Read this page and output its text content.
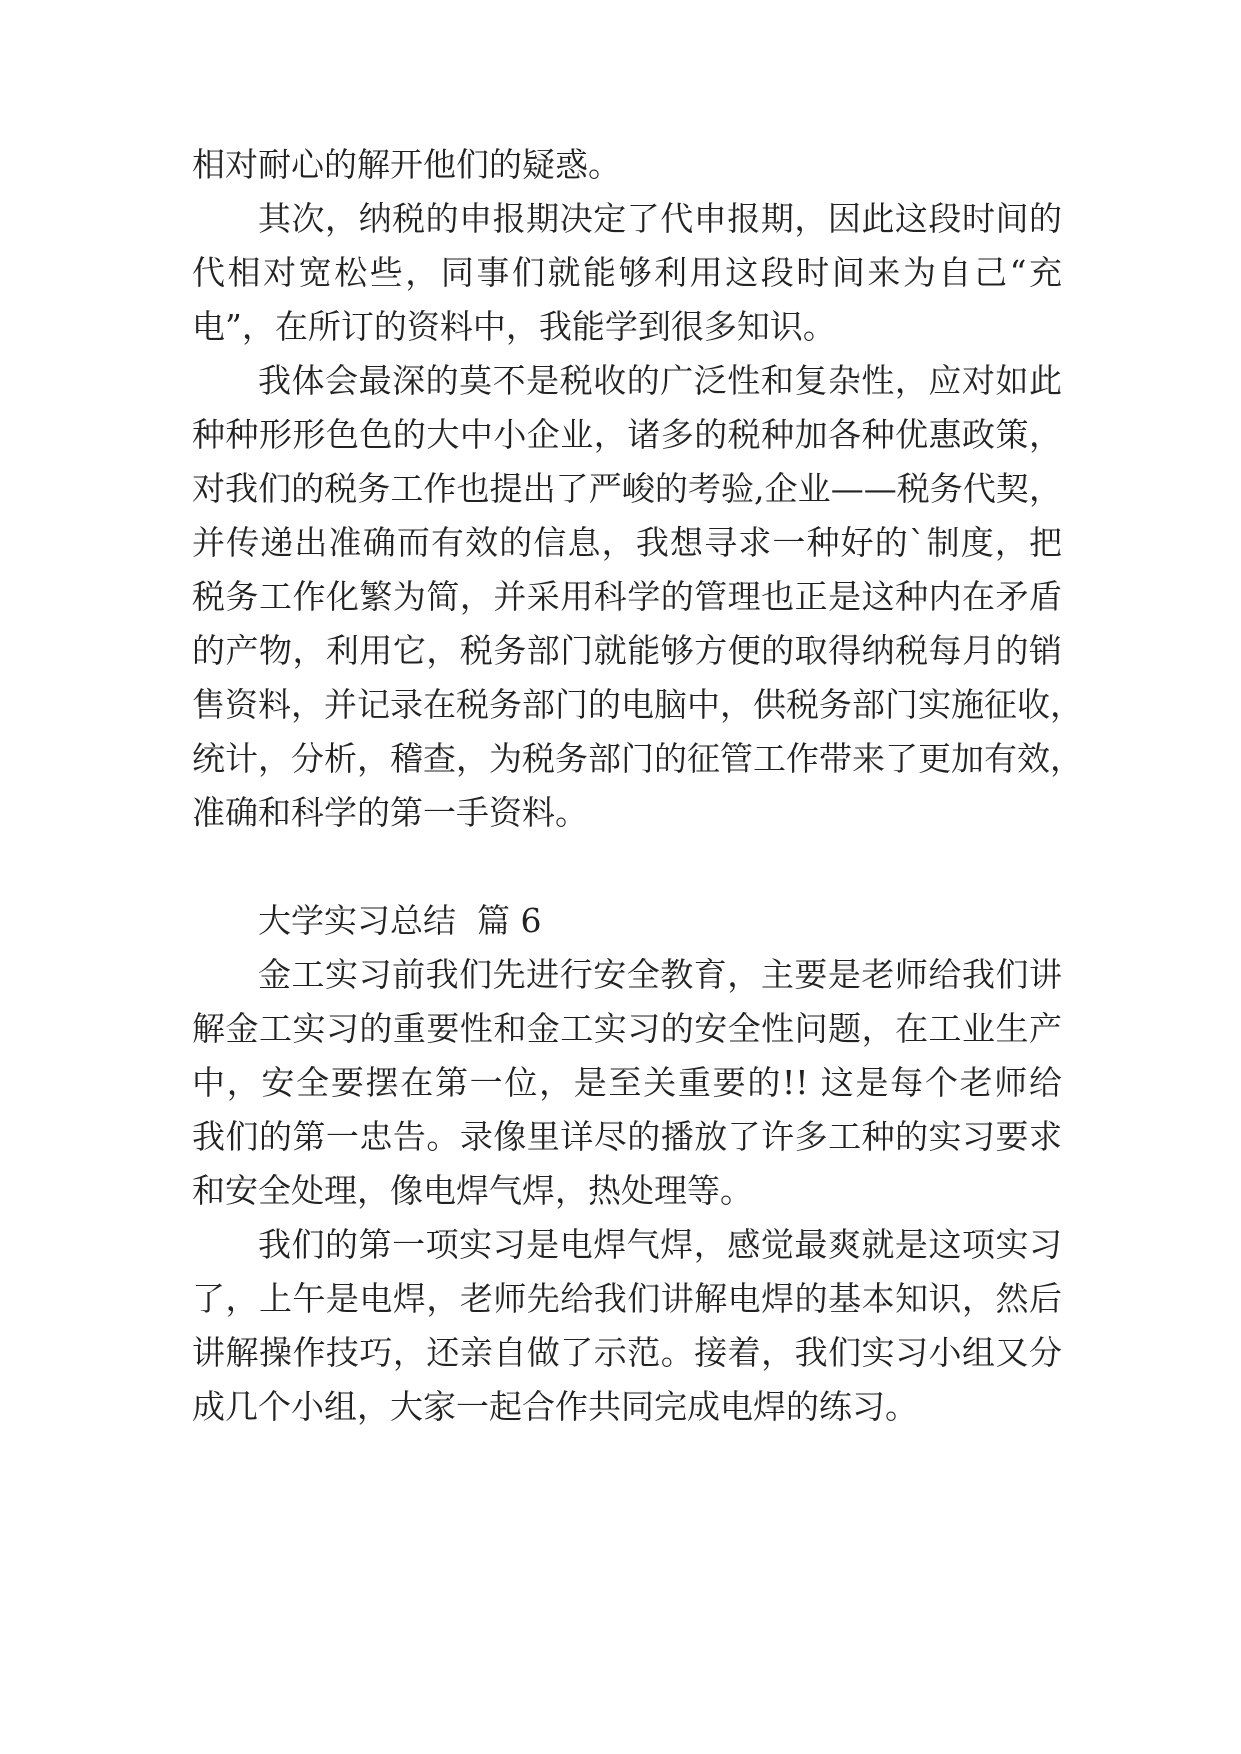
相对耐心的解开他们的疑惑。
其次，纳税的申报期决定了代申报期，因此这段时间的
代相对宽松些，同事们就能够利用这段时间来为自己“充
电”，在所订的资料中，我能学到很多知识。
我体会最深的莫不是税收的广泛性和复杂性，应对如此
种种形形色色的大中小企业，诸多的税种加各种优惠政策，
对我们的税务工作也提出了严峻的考验,企业——税务代契，
并传递出准确而有效的信息，我想寻求一种好的`制度，把
税务工作化繁为简，并采用科学的管理也正是这种内在矛盾
的产物，利用它，税务部门就能够方便的取得纳税每月的销
售资料，并记录在税务部门的电脑中，供税务部门实施征收，
统计，分析，稽查，为税务部门的征管工作带来了更加有效，
准确和科学的第一手资料。
大学实习总结  篇 6
金工实习前我们先进行安全教育，主要是老师给我们讲
解金工实习的重要性和金工实习的安全性问题，在工业生产
中，安全要摆在第一位，是至关重要的!! 这是每个老师给
我们的第一忠告。录像里详尽的播放了许多工种的实习要求
和安全处理，像电焊气焊，热处理等。
我们的第一项实习是电焊气焊，感觉最爽就是这项实习
了，上午是电焊，老师先给我们讲解电焊的基本知识，然后
讲解操作技巧，还亲自做了示范。接着，我们实习小组又分
成几个小组，大家一起合作共同完成电焊的练习。
